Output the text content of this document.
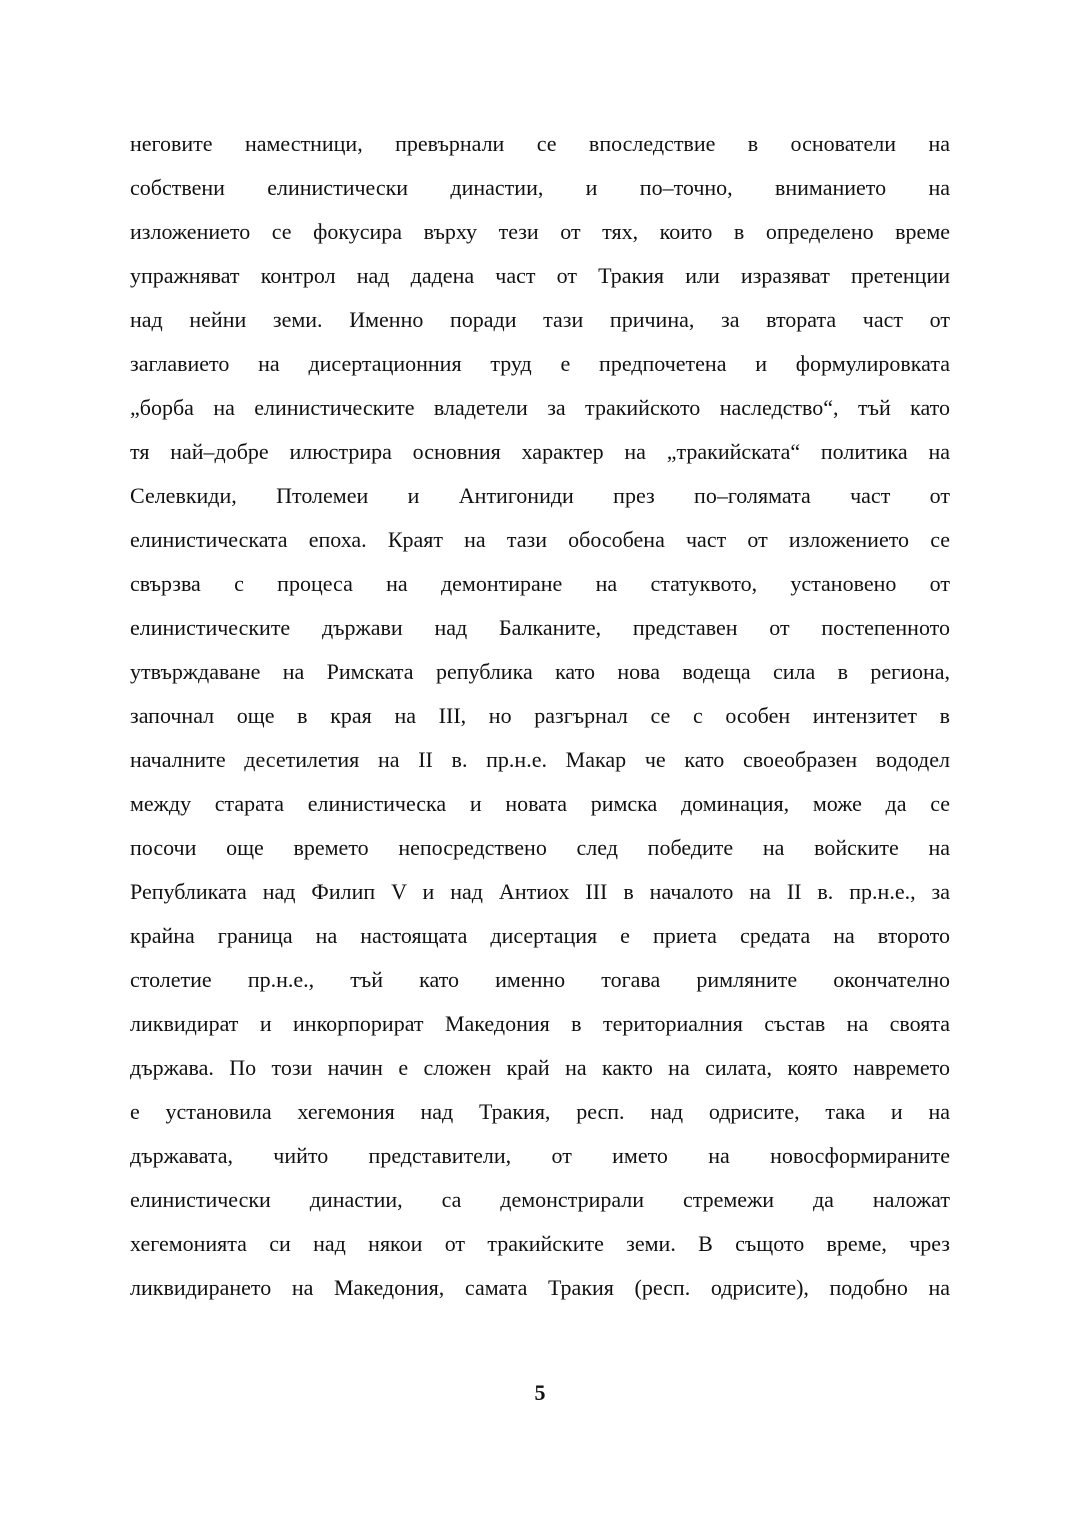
неговите наместници, превърнали се впоследствие в основатели на
собствени елинистически династии, и по–точно, вниманието на
изложението се фокусира върху тези от тях, които в определено време
упражняват контрол над дадена част от Тракия или изразяват претенции
над нейни земи. Именно поради тази причина, за втората част от
заглавието на дисертационния труд е предпочетена и формулировката
„борба на елинистическите владетели за тракийското наследство“, тъй като
тя най–добре илюстрира основния характер на „тракийската“ политика на
Селевкиди, Птолемеи и Антигониди през по–голямата част от
елинистическата епоха. Краят на тази обособена част от изложението се
свързва с процеса на демонтиране на статуквото, установено от
елинистическите държави над Балканите, представен от постепенното
утвърждаване на Римската република като нова водеща сила в региона,
започнал още в края на III, но разгърнал се с особен интензитет в
началните десетилетия на II в. пр.н.е. Макар че като своеобразен вододел
между старата елинистическа и новата римска доминация, може да се
посочи още времето непосредствено след победите на войските на
Републиката над Филип V и над Антиох III в началото на II в. пр.н.е., за
крайна граница на настоящата дисертация е приета средата на второто
столетие пр.н.е., тъй като именно тогава римляните окончателно
ликвидират и инкорпорират Македония в териториалния състав на своята
държава. По този начин е сложен край на както на силата, която навремето
е установила хегемония над Тракия, респ. над одрисите, така и на
държавата, чийто представители, от името на новосформираните
елинистически династии, са демонстрирали стремежи да наложат
хегемонията си над някои от тракийските земи. В същото време, чрез
ликвидирането на Македония, самата Тракия (респ. одрисите), подобно на
5
